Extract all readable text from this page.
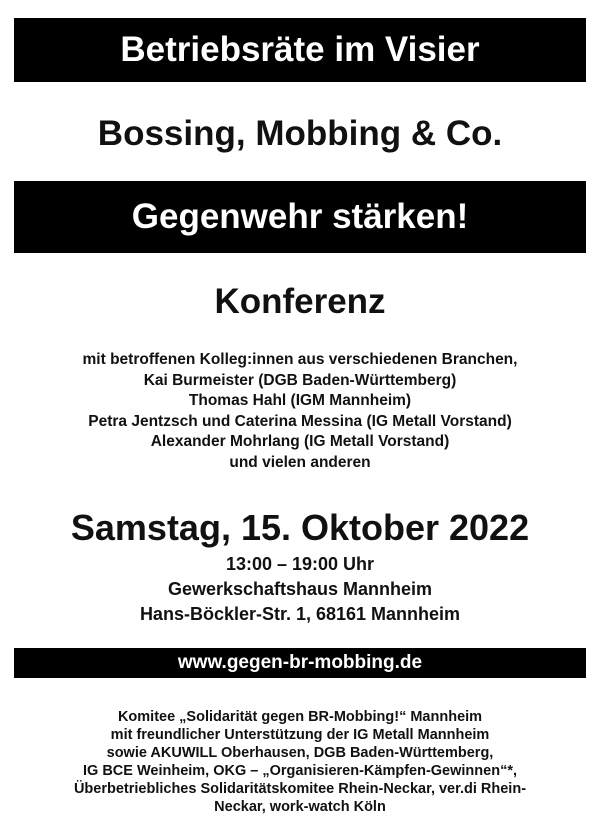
Betriebsräte im Visier
Bossing, Mobbing & Co.
Gegenwehr stärken!
Konferenz
mit betroffenen Kolleg:innen aus verschiedenen Branchen,
Kai Burmeister (DGB Baden-Württemberg)
Thomas Hahl (IGM Mannheim)
Petra Jentzsch und Caterina Messina (IG Metall Vorstand)
Alexander Mohrlang (IG Metall Vorstand)
und vielen anderen
Samstag, 15. Oktober 2022
13:00 – 19:00 Uhr
Gewerkschaftshaus Mannheim
Hans-Böckler-Str. 1, 68161 Mannheim
www.gegen-br-mobbing.de
Komitee „Solidarität gegen BR-Mobbing!“ Mannheim
mit freundlicher Unterstützung der IG Metall Mannheim
sowie AKUWILL Oberhausen, DGB Baden-Württemberg,
IG BCE Weinheim, OKG – „Organisieren-Kämpfen-Gewinnen“*,
Überbetriebliches Solidaritätskomitee Rhein-Neckar, ver.di Rhein-
Neckar, work-watch Köln
